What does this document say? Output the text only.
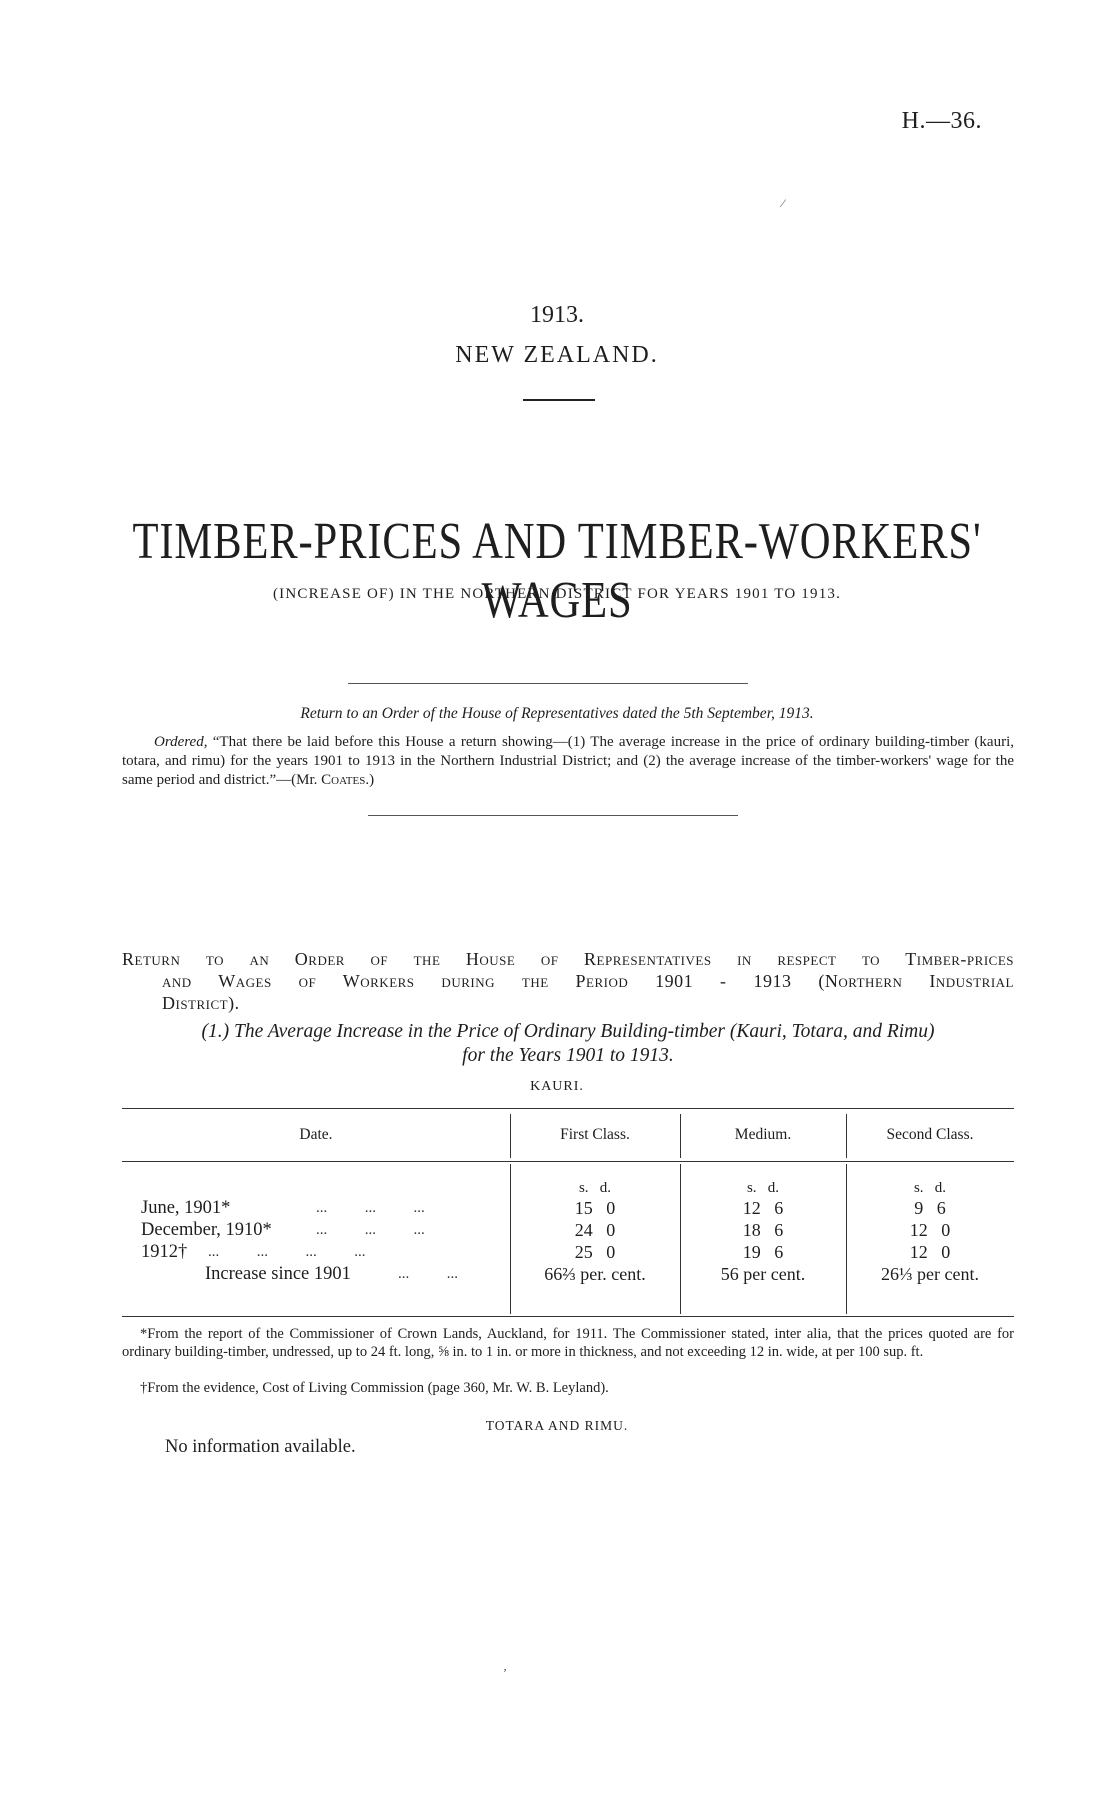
H.—36.
⁄
1913.
NEW ZEALAND.
TIMBER-PRICES AND TIMBER-WORKERS' WAGES
(INCREASE OF) IN THE NORTHERN DISTRICT FOR YEARS 1901 TO 1913.
Return to an Order of the House of Representatives dated the 5th September, 1913.
Ordered, “That there be laid before this House a return showing—(1) The average increase in the price of ordinary building-timber (kauri, totara, and rimu) for the years 1901 to 1913 in the Northern Industrial District; and (2) the average increase of the timber-workers' wage for the same period and district.”—(Mr. Coates.)
Return to an Order of the House of Representatives in respect to Timber-prices
and Wages of Workers during the Period 1901 - 1913 (Northern Industrial
District).
(1.) The Average Increase in the Price of Ordinary Building-timber (Kauri, Totara, and Rimu)
for the Years 1901 to 1913.
KAURI.
Date.	First Class.	Medium.	Second Class.
s.   d.	s.   d.	s.   d.
June, 1901*	...          ...          ...	15   0	12   6	9   6
December, 1910*	...          ...          ...	24   0	18   6	12   0
1912† ...          ...          ...          ...	25   0	19   6	12   0
Increase since 1901	...          ...	66⅔ per. cent.	56 per cent.	26⅓ per cent.
*From the report of the Commissioner of Crown Lands, Auckland, for 1911. The Commissioner stated, inter alia, that the prices quoted are for ordinary building-timber, undressed, up to 24 ft. long, ⅝ in. to 1 in. or more in thickness, and not exceeding 12 in. wide, at per 100 sup. ft.
†From the evidence, Cost of Living Commission (page 360, Mr. W. B. Leyland).
TOTARA AND RIMU.
No information available.
ʼ
